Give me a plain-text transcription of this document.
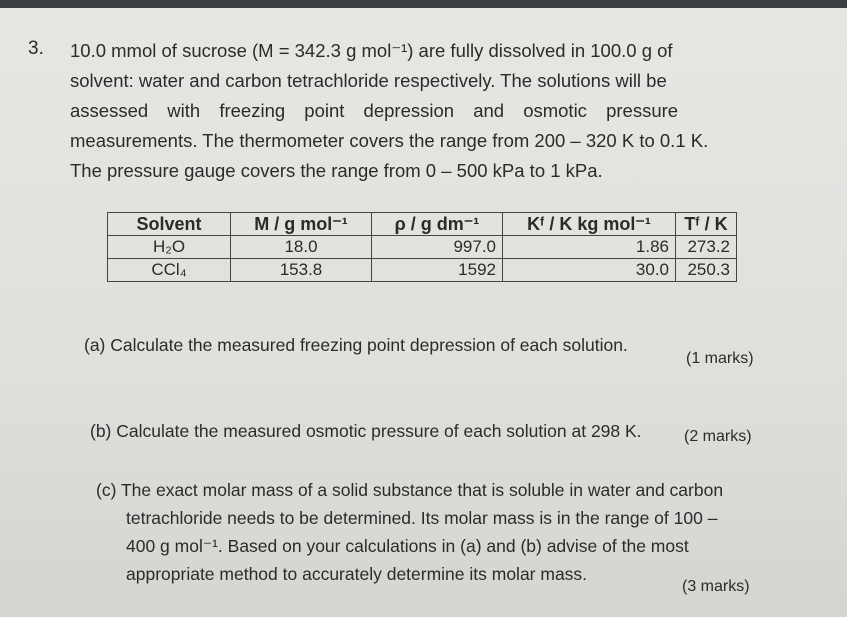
3. 10.0 mmol of sucrose (M = 342.3 g mol⁻¹) are fully dissolved in 100.0 g of
solvent: water and carbon tetrachloride respectively. The solutions will be
assessed with freezing point depression and osmotic pressure
measurements. The thermometer covers the range from 200 – 320 K to 0.1 K.
The pressure gauge covers the range from 0 – 500 kPa to 1 kPa.
Solvent	M / g mol⁻¹	ρ / g dm⁻¹	Kᶠ / K kg mol⁻¹	Tᶠ / K
H₂O	18.0	997.0	1.86	273.2
CCl₄	153.8	1592	30.0	250.3
(a) Calculate the measured freezing point depression of each solution.
(1 marks)
(b) Calculate the measured osmotic pressure of each solution at 298 K.	(2 marks)
(c) The exact molar mass of a solid substance that is soluble in water and carbon
tetrachloride needs to be determined. Its molar mass is in the range of 100 –
400 g mol⁻¹. Based on your calculations in (a) and (b) advise of the most
appropriate method to accurately determine its molar mass.
(3 marks)
